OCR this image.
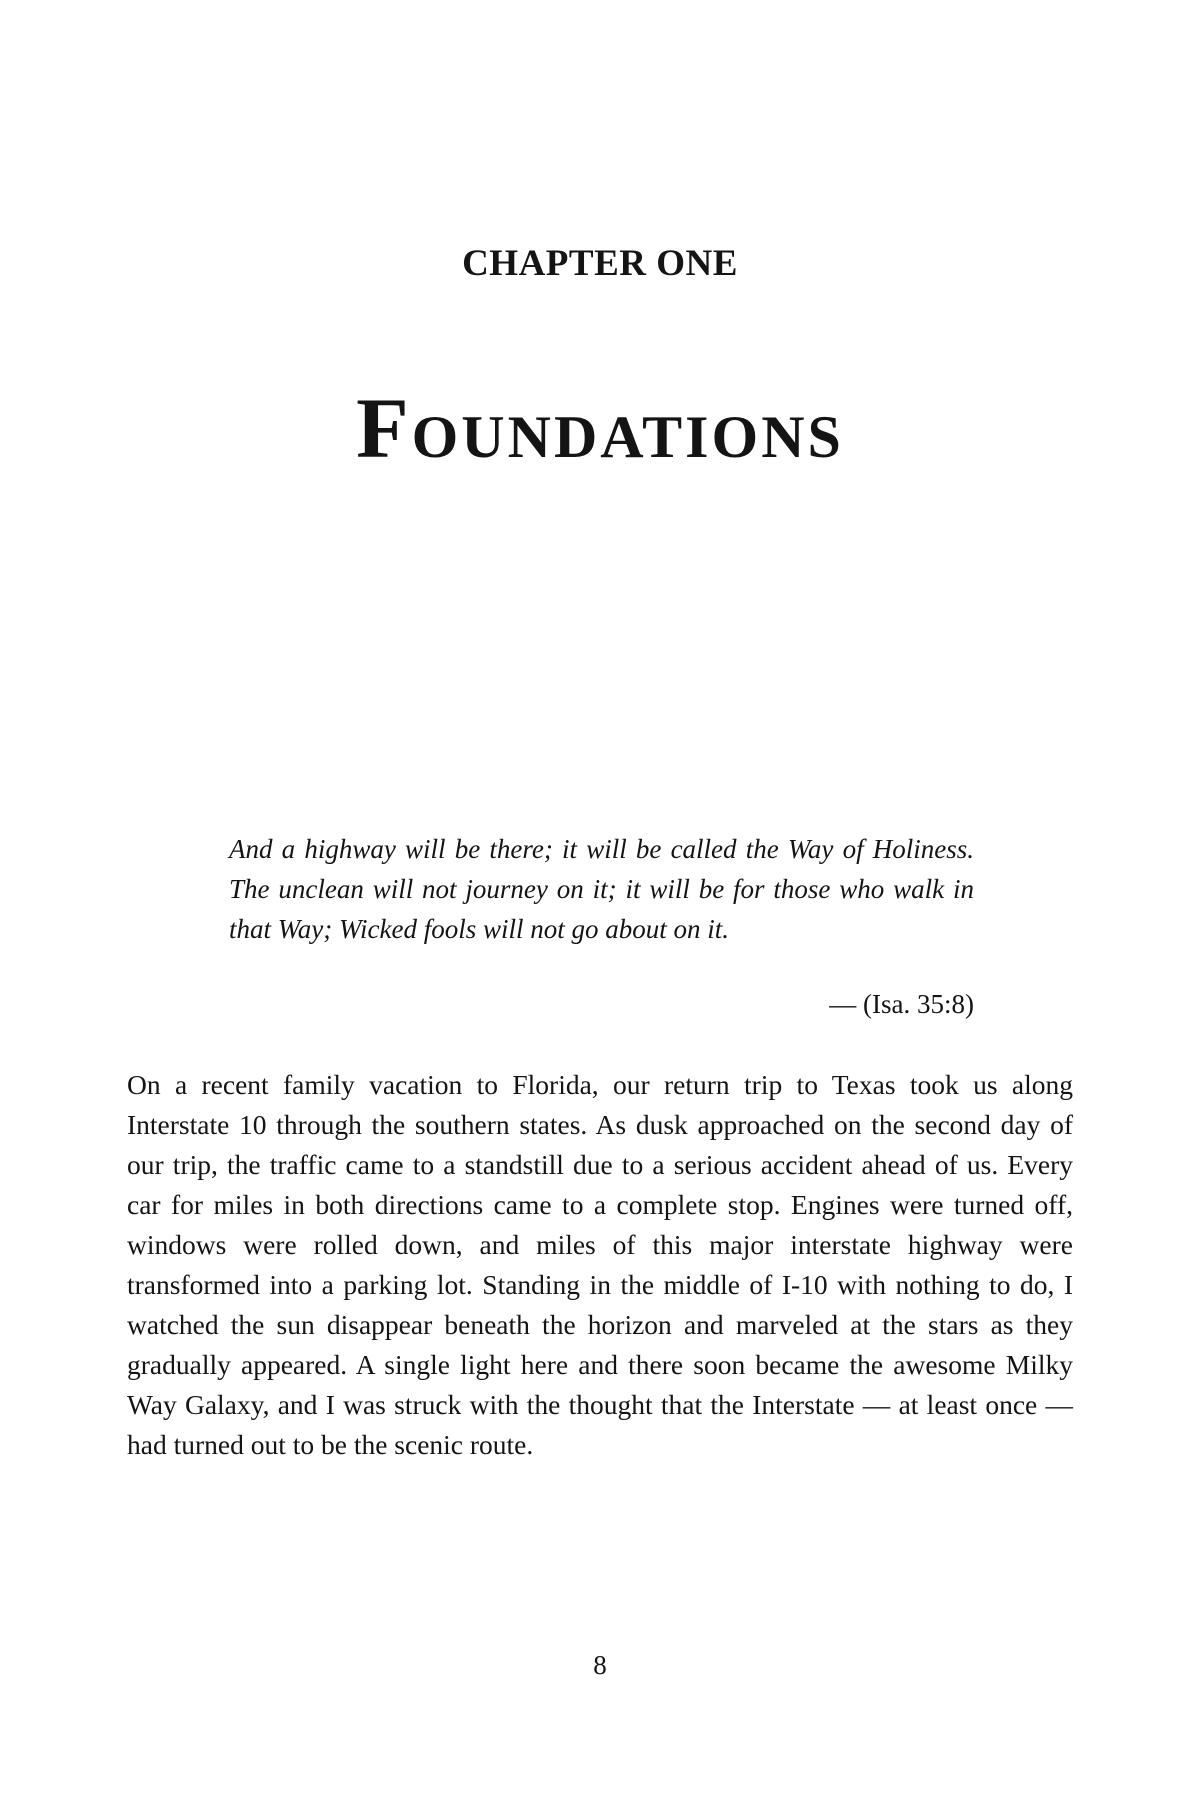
CHAPTER ONE
Foundations

And a highway will be there; it will be called the Way of Holiness. The unclean will not journey on it; it will be for those who walk in that Way; Wicked fools will not go about on it.

— (Isa. 35:8)

On a recent family vacation to Florida, our return trip to Texas took us along Interstate 10 through the southern states. As dusk approached on the second day of our trip, the traffic came to a standstill due to a serious accident ahead of us. Every car for miles in both directions came to a complete stop. Engines were turned off, windows were rolled down, and miles of this major interstate highway were transformed into a parking lot. Standing in the middle of I-10 with nothing to do, I watched the sun disappear beneath the horizon and marveled at the stars as they gradually appeared. A single light here and there soon became the awesome Milky Way Galaxy, and I was struck with the thought that the Interstate — at least once — had turned out to be the scenic route.

8
